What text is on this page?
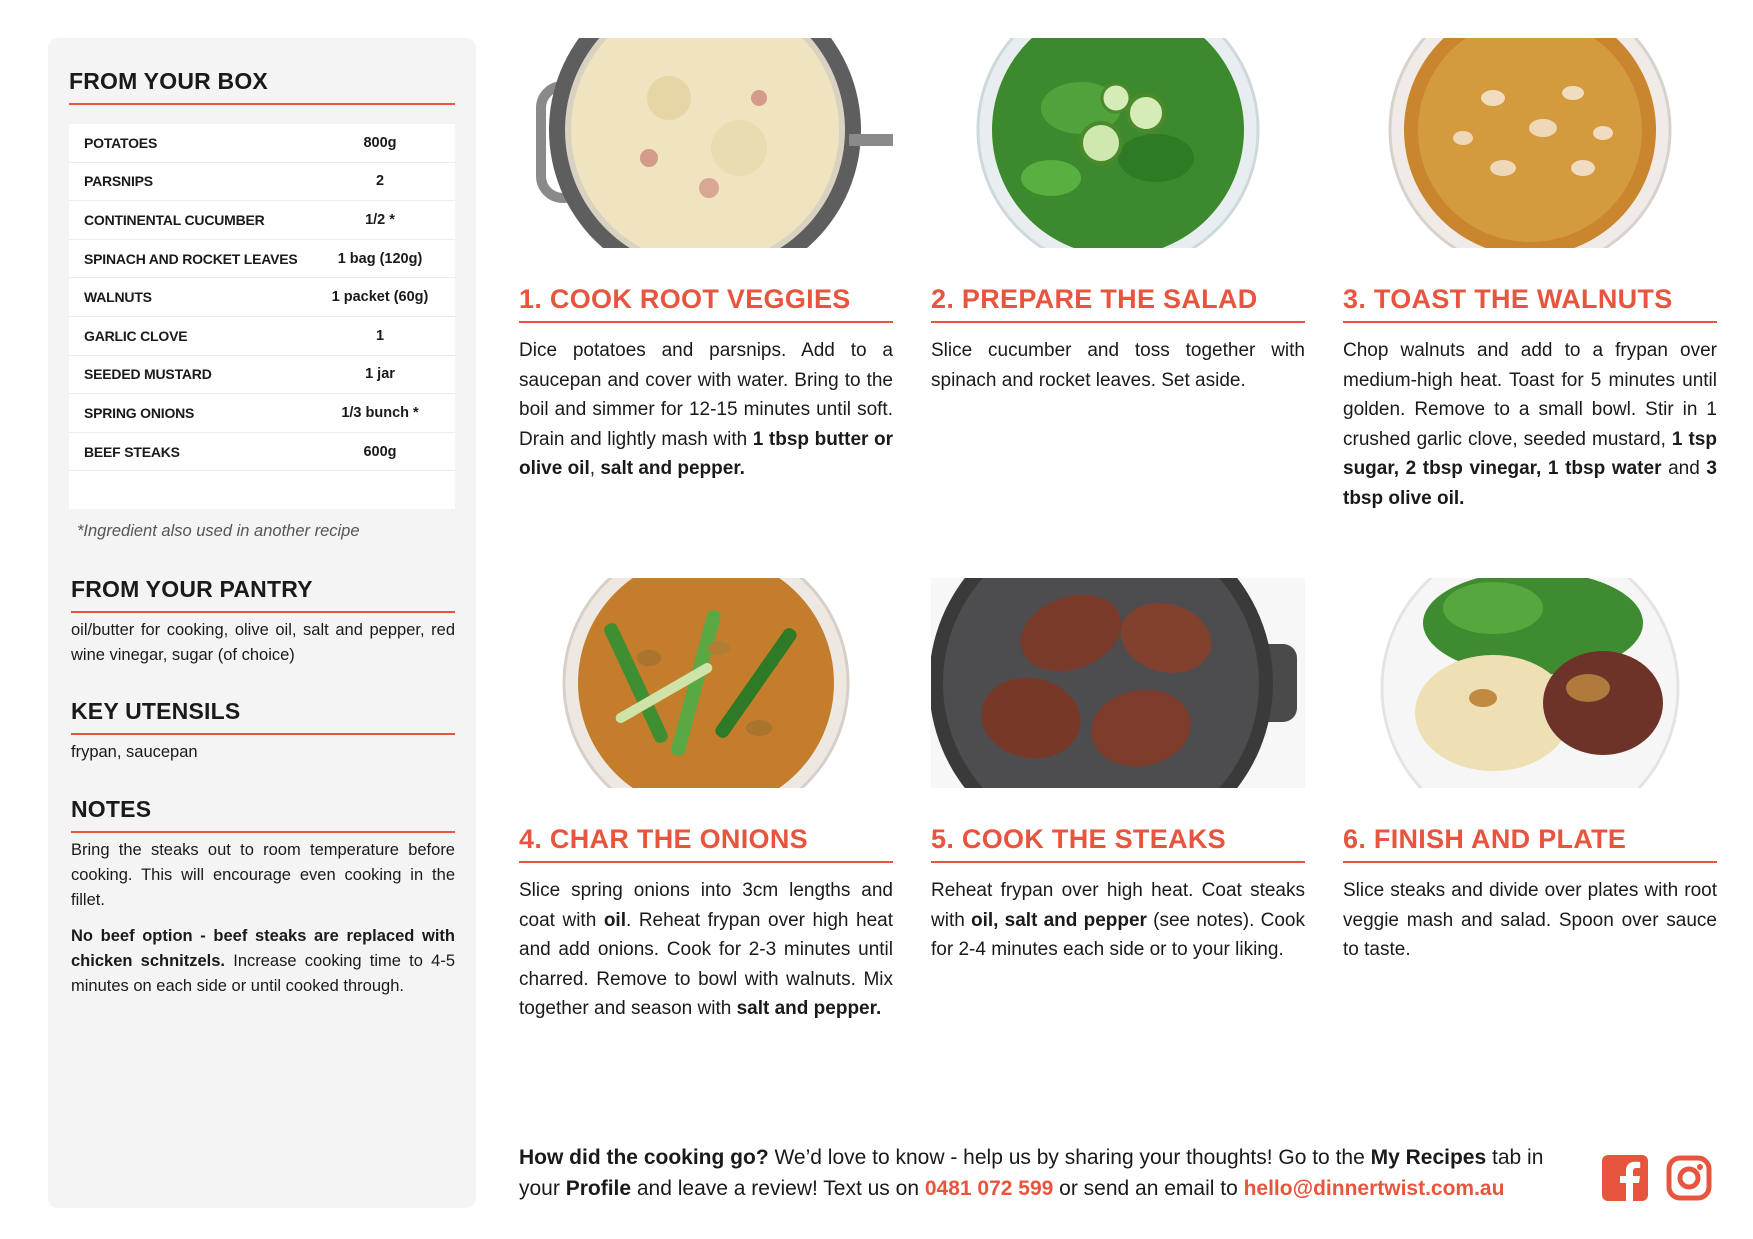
FROM YOUR BOX
POTATOES	800g
PARSNIPS	2
CONTINENTAL CUCUMBER	1/2 *
SPINACH AND ROCKET LEAVES	1 bag (120g)
WALNUTS	1 packet (60g)
GARLIC CLOVE	1
SEEDED MUSTARD	1 jar
SPRING ONIONS	1/3 bunch *
BEEF STEAKS	600g
*Ingredient also used in another recipe
FROM YOUR PANTRY
oil/butter for cooking, olive oil, salt and pepper, red wine vinegar, sugar (of choice)
KEY UTENSILS
frypan, saucepan
NOTES
Bring the steaks out to room temperature before cooking. This will encourage even cooking in the fillet.
No beef option - beef steaks are replaced with chicken schnitzels. Increase cooking time to 4-5 minutes on each side or until cooked through.
1. COOK ROOT VEGGIES
Dice potatoes and parsnips. Add to a saucepan and cover with water. Bring to the boil and simmer for 12-15 minutes until soft. Drain and lightly mash with 1 tbsp butter or olive oil, salt and pepper.
2. PREPARE THE SALAD
Slice cucumber and toss together with spinach and rocket leaves. Set aside.
3. TOAST THE WALNUTS
Chop walnuts and add to a frypan over medium-high heat. Toast for 5 minutes until golden. Remove to a small bowl. Stir in 1 crushed garlic clove, seeded mustard, 1 tsp sugar, 2 tbsp vinegar, 1 tbsp water and 3 tbsp olive oil.
4. CHAR THE ONIONS
Slice spring onions into 3cm lengths and coat with oil. Reheat frypan over high heat and add onions. Cook for 2-3 minutes until charred. Remove to bowl with walnuts. Mix together and season with salt and pepper.
5. COOK THE STEAKS
Reheat frypan over high heat. Coat steaks with oil, salt and pepper (see notes). Cook for 2-4 minutes each side or to your liking.
6. FINISH AND PLATE
Slice steaks and divide over plates with root veggie mash and salad. Spoon over sauce to taste.
How did the cooking go? We’d love to know - help us by sharing your thoughts! Go to the My Recipes tab in your Profile and leave a review! Text us on 0481 072 599 or send an email to hello@dinnertwist.com.au
